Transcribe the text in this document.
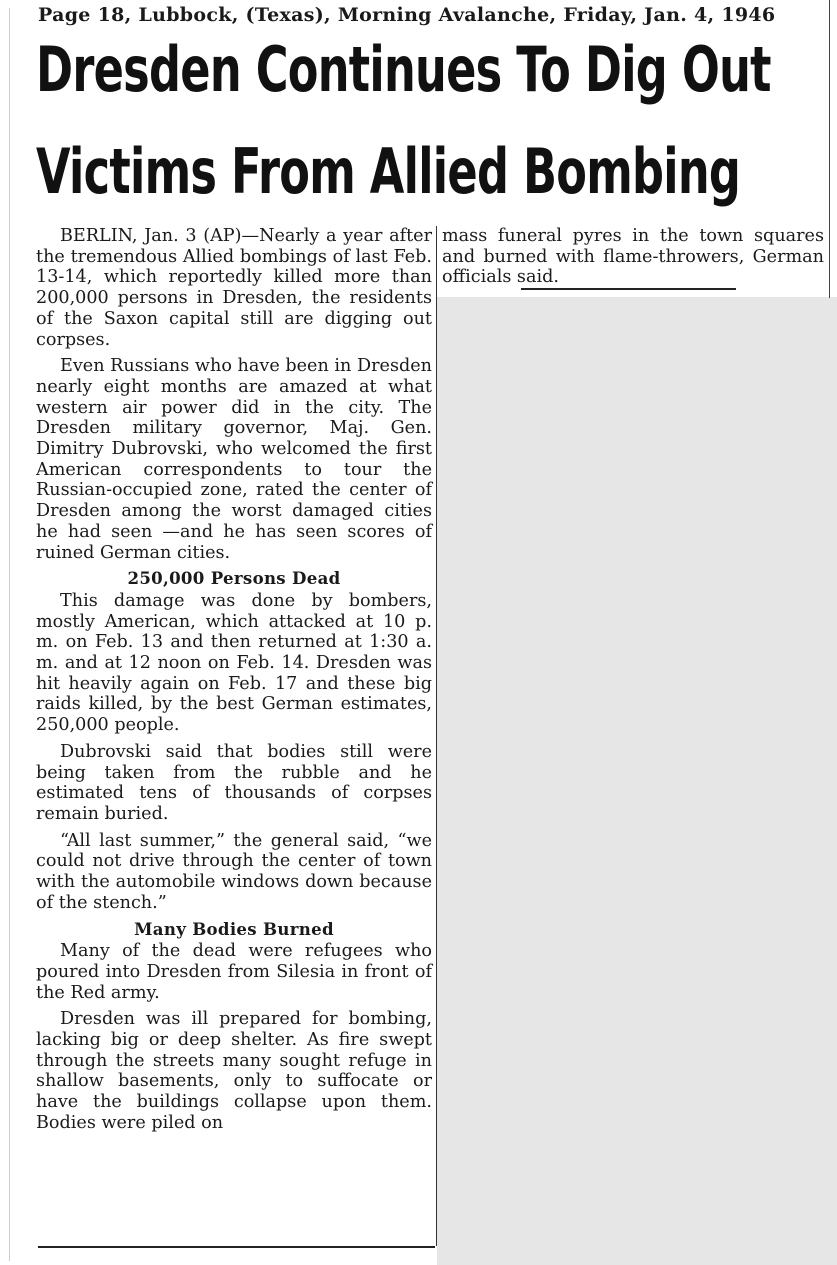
Page 18, Lubbock, (Texas), Morning Avalanche, Friday, Jan. 4, 1946
Dresden Continues To Dig Out
Victims From Allied Bombing

BERLIN, Jan. 3 (AP)—Nearly a year after the tremendous Allied bombings of last Feb. 13-14, which reportedly killed more than 200,000 persons in Dresden, the residents of the Saxon capital still are digging out corpses.

Even Russians who have been in Dresden nearly eight months are amazed at what western air power did in the city. The Dresden military governor, Maj. Gen. Dimitry Dubrovski, who welcomed the first American correspondents to tour the Russian-occupied zone, rated the center of Dresden among the worst damaged cities he had seen —and he has seen scores of ruined German cities.

250,000 Persons Dead

This damage was done by bombers, mostly American, which attacked at 10 p. m. on Feb. 13 and then returned at 1:30 a. m. and at 12 noon on Feb. 14. Dresden was hit heavily again on Feb. 17 and these big raids killed, by the best German estimates, 250,000 people.

Dubrovski said that bodies still were being taken from the rubble and he estimated tens of thousands of corpses remain buried.

“All last summer,” the general said, “we could not drive through the center of town with the automobile windows down because of the stench.”

Many Bodies Burned

Many of the dead were refugees who poured into Dresden from Silesia in front of the Red army.

Dresden was ill prepared for bombing, lacking big or deep shelter. As fire swept through the streets many sought refuge in shallow basements, only to suffocate or have the buildings collapse upon them. Bodies were piled on

mass funeral pyres in the town squares and burned with flame-throwers, German officials said.
